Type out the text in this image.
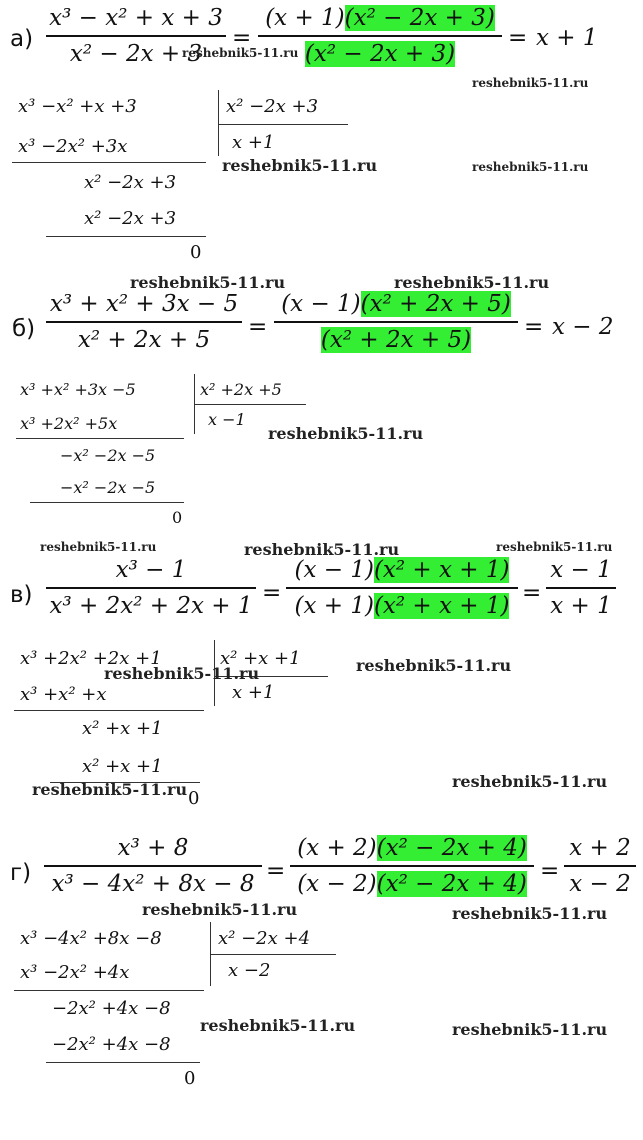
а)
x³ − x² + x + 3
x² − 2x + 3
=
(x + 1)(x² − 2x + 3)
(x² − 2x + 3)
= x + 1
x³ −x² +x +3	x² −2x +3
x +1
x³ −2x² +3x
x² −2x +3
x² −2x +3
0
б)
x³ + x² + 3x − 5
x² + 2x + 5	=
(x − 1)(x² + 2x + 5)
(x² + 2x + 5)	= x − 2
x³ +x² +3x −5	x² +2x +5
x −1
x³ +2x² +5x
−x² −2x −5
−x² −2x −5
0
в)
x³ − 1
x³ + 2x² + 2x + 1 =
(x − 1)(x² + x + 1)
(x + 1)(x² + x + 1) =
x − 1
x + 1
x³ +2x² +2x +1	x² +x +1
x +1
x³ +x² +x
x² +x +1
x² +x +1
0
г)
x³ + 8
x³ − 4x² + 8x − 8 =
(x + 2)(x² − 2x + 4)
(x − 2)(x² − 2x + 4) =
x + 2
x − 2
x³ −4x² +8x −8	x² −2x +4
x −2
x³ −2x² +4x
−2x² +4x −8
−2x² +4x −8
0
reshebnik5-11.ru
reshebnik5-11.ru
reshebnik5-11.ru	reshebnik5-11.ru
reshebnik5-11.ru	reshebnik5-11.ru
reshebnik5-11.ru
reshebnik5-11.ru	reshebnik5-11.ru	reshebnik5-11.ru
reshebnik5-11.ru	reshebnik5-11.ru
reshebnik5-11.ru
reshebnik5-11.ru
reshebnik5-11.ru	reshebnik5-11.ru
reshebnik5-11.ru	reshebnik5-11.ru
